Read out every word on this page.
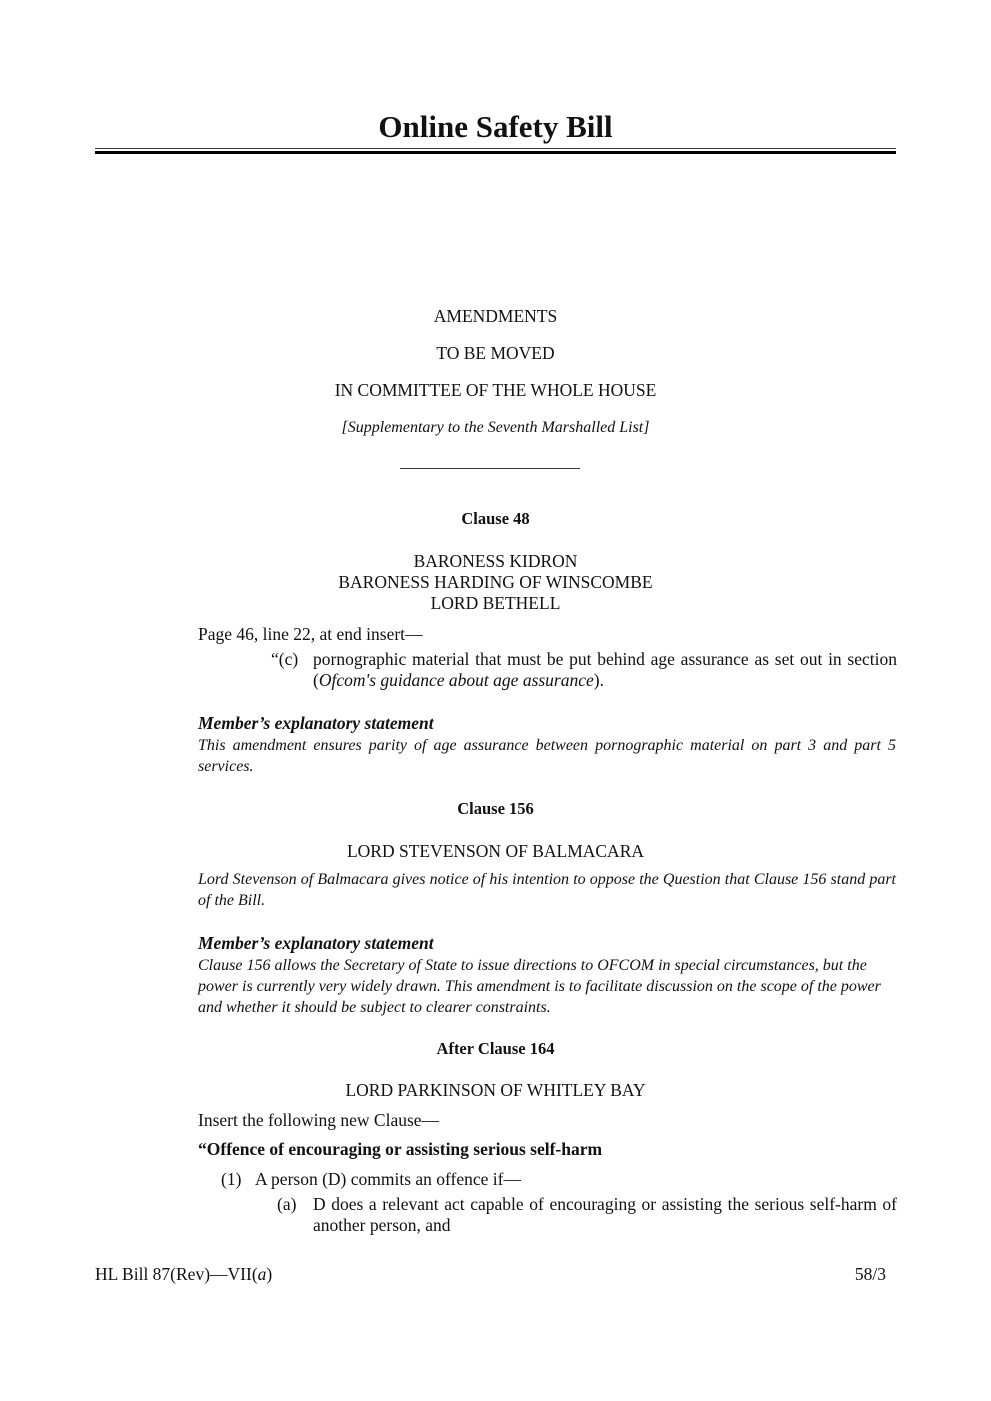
Online Safety Bill
AMENDMENTS
TO BE MOVED
IN COMMITTEE OF THE WHOLE HOUSE
[Supplementary to the Seventh Marshalled List]
Clause 48
BARONESS KIDRON
BARONESS HARDING OF WINSCOMBE
LORD BETHELL
Page 46, line 22, at end insert—
“(c) pornographic material that must be put behind age assurance as set out in section (Ofcom's guidance about age assurance).
Member’s explanatory statement
This amendment ensures parity of age assurance between pornographic material on part 3 and part 5 services.
Clause 156
LORD STEVENSON OF BALMACARA
Lord Stevenson of Balmacara gives notice of his intention to oppose the Question that Clause 156 stand part of the Bill.
Member’s explanatory statement
Clause 156 allows the Secretary of State to issue directions to OFCOM in special circumstances, but the power is currently very widely drawn. This amendment is to facilitate discussion on the scope of the power and whether it should be subject to clearer constraints.
After Clause 164
LORD PARKINSON OF WHITLEY BAY
Insert the following new Clause—
“Offence of encouraging or assisting serious self-harm
(1) A person (D) commits an offence if—
(a) D does a relevant act capable of encouraging or assisting the serious self-harm of another person, and
HL Bill 87(Rev)—VII(a)	58/3
